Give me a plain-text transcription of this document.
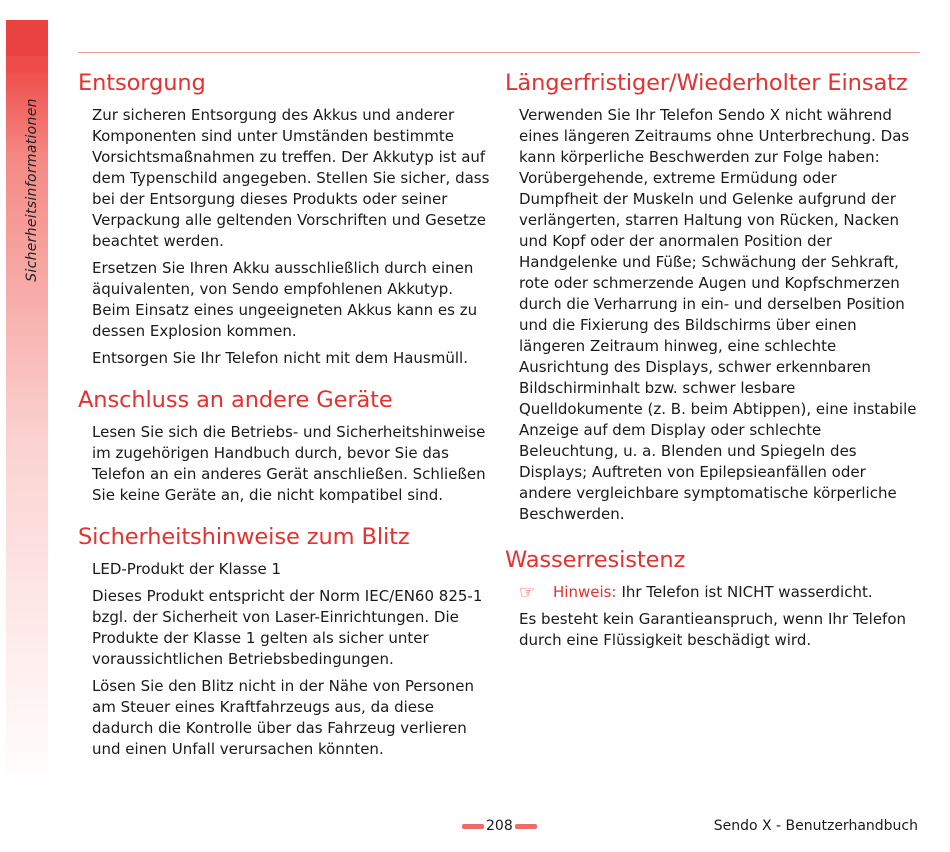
Sicherheitsinformationen
Entsorgung

Zur sicheren Entsorgung des Akkus und anderer Komponenten sind unter Umständen bestimmte Vorsichtsmaßnahmen zu treffen. Der Akkutyp ist auf dem Typenschild angegeben. Stellen Sie sicher, dass bei der Entsorgung dieses Produkts oder seiner Verpackung alle geltenden Vorschriften und Gesetze beachtet werden.

Ersetzen Sie Ihren Akku ausschließlich durch einen äquivalenten, von Sendo empfohlenen Akkutyp. Beim Einsatz eines ungeeigneten Akkus kann es zu dessen Explosion kommen.

Entsorgen Sie Ihr Telefon nicht mit dem Hausmüll.

Anschluss an andere Geräte

Lesen Sie sich die Betriebs- und Sicherheitshinweise im zugehörigen Handbuch durch, bevor Sie das Telefon an ein anderes Gerät anschließen. Schließen Sie keine Geräte an, die nicht kompatibel sind.

Sicherheitshinweise zum Blitz

LED-Produkt der Klasse 1

Dieses Produkt entspricht der Norm IEC/EN60 825-1 bzgl. der Sicherheit von Laser-Einrichtungen. Die Produkte der Klasse 1 gelten als sicher unter voraussichtlichen Betriebsbedingungen.

Lösen Sie den Blitz nicht in der Nähe von Personen am Steuer eines Kraftfahrzeugs aus, da diese dadurch die Kontrolle über das Fahrzeug verlieren und einen Unfall verursachen könnten.

Längerfristiger/Wiederholter Einsatz

Verwenden Sie Ihr Telefon Sendo X nicht während eines längeren Zeitraums ohne Unterbrechung. Das kann körperliche Beschwerden zur Folge haben: Vorübergehende, extreme Ermüdung oder Dumpfheit der Muskeln und Gelenke aufgrund der verlängerten, starren Haltung von Rücken, Nacken und Kopf oder der anormalen Position der Handgelenke und Füße; Schwächung der Sehkraft, rote oder schmerzende Augen und Kopfschmerzen durch die Verharrung in ein- und derselben Position und die Fixierung des Bildschirms über einen längeren Zeitraum hinweg, eine schlechte Ausrichtung des Displays, schwer erkennbaren Bildschirminhalt bzw. schwer lesbare Quelldokumente (z. B. beim Abtippen), eine instabile Anzeige auf dem Display oder schlechte Beleuchtung, u. a. Blenden und Spiegeln des Displays; Auftreten von Epilepsieanfällen oder andere vergleichbare symptomatische körperliche Beschwerden.

Wasserresistenz

☞	Hinweis: Ihr Telefon ist NICHT wasserdicht.

Es besteht kein Garantieanspruch, wenn Ihr Telefon durch eine Flüssigkeit beschädigt wird.

208	Sendo X - Benutzerhandbuch
